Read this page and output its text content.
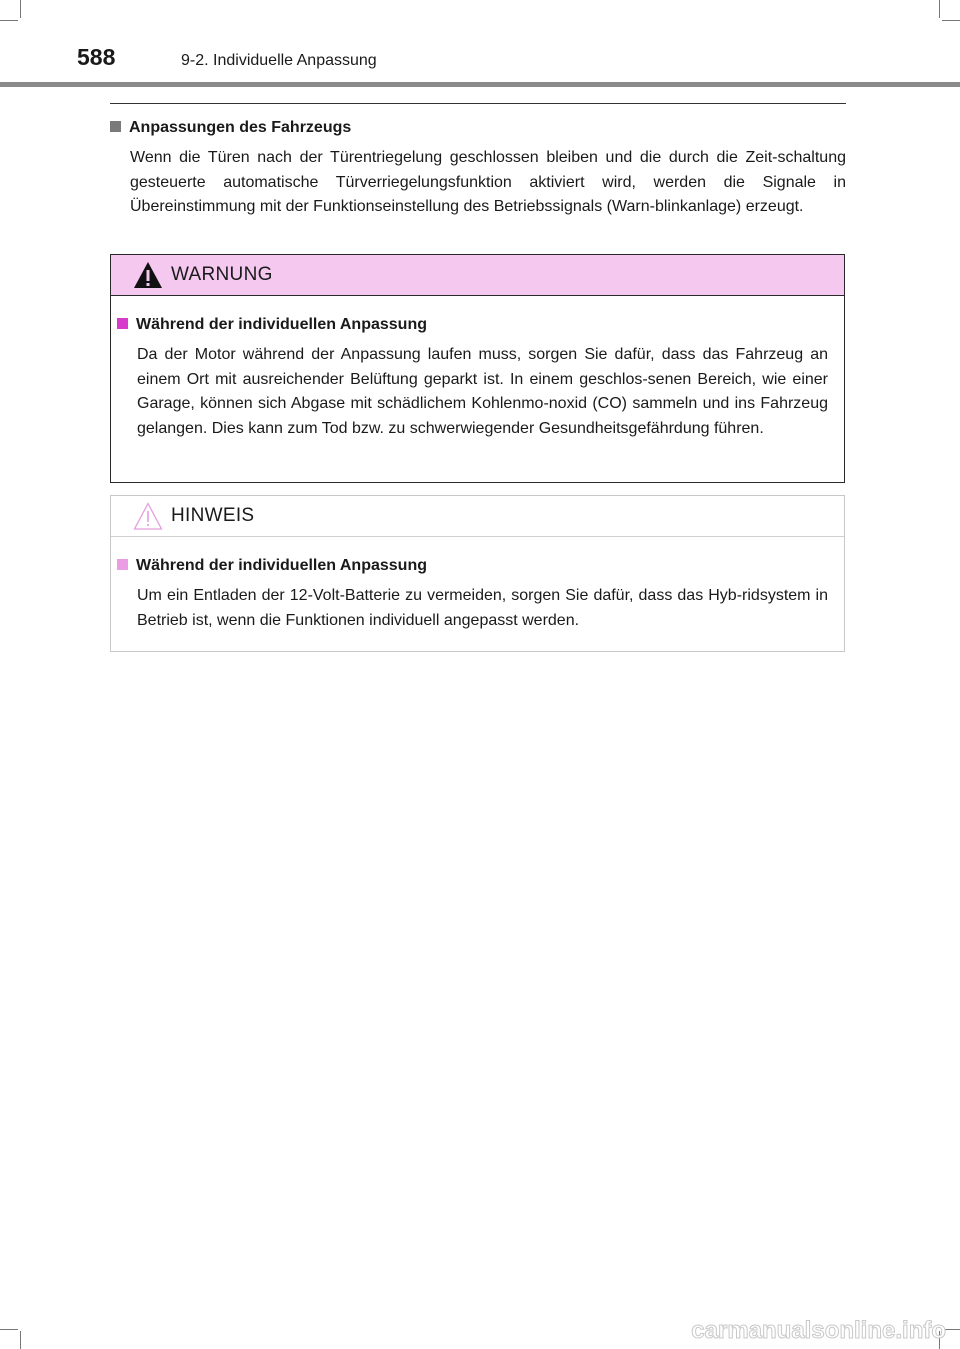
588	9-2. Individuelle Anpassung
Anpassungen des Fahrzeugs
Wenn die Türen nach der Türentriegelung geschlossen bleiben und die durch die Zeit-schaltung gesteuerte automatische Türverriegelungsfunktion aktiviert wird, werden die Signale in Übereinstimmung mit der Funktionseinstellung des Betriebssignals (Warn-blinkanlage) erzeugt.
WARNUNG
Während der individuellen Anpassung
Da der Motor während der Anpassung laufen muss, sorgen Sie dafür, dass das Fahrzeug an einem Ort mit ausreichender Belüftung geparkt ist. In einem geschlos-senen Bereich, wie einer Garage, können sich Abgase mit schädlichem Kohlenmo-noxid (CO) sammeln und ins Fahrzeug gelangen. Dies kann zum Tod bzw. zu schwerwiegender Gesundheitsgefährdung führen.
HINWEIS
Während der individuellen Anpassung
Um ein Entladen der 12-Volt-Batterie zu vermeiden, sorgen Sie dafür, dass das Hyb-ridsystem in Betrieb ist, wenn die Funktionen individuell angepasst werden.
carmanualsonline.info
